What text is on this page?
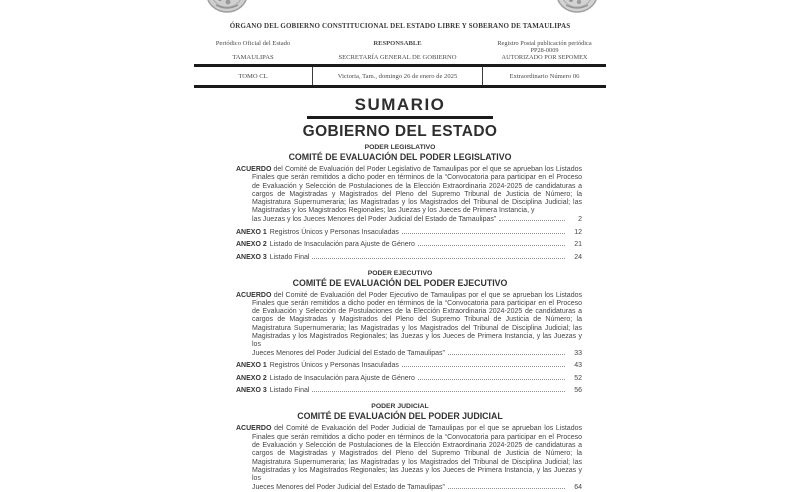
ÓRGANO DEL GOBIERNO CONSTITUCIONAL DEL ESTADO LIBRE Y SOBERANO DE TAMAULIPAS
Periódico Oficial del Estado
TAMAULIPAS
RESPONSABLE
SECRETARÍA GENERAL DE GOBIERNO
Registro Postal publicación periódica
PP28-0009
AUTORIZADO POR SEPOMEX
TOMO CL	Victoria, Tam., domingo 26 de enero de 2025	Extraordinario Número 06
SUMARIO
GOBIERNO DEL ESTADO
PODER LEGISLATIVO
COMITÉ DE EVALUACIÓN DEL PODER LEGISLATIVO
ACUERDO del Comité de Evaluación del Poder Legislativo de Tamaulipas por el que se aprueban los Listados Finales que serán remitidos a dicho poder en términos de la “Convocatoria para participar en el Proceso de Evaluación y Selección de Postulaciones de la Elección Extraordinaria 2024-2025 de candidaturas a cargos de Magistradas y Magistrados del Pleno del Supremo Tribunal de Justicia de Número; la Magistratura Supernumeraria; las Magistradas y los Magistrados del Tribunal de Disciplina Judicial; las Magistradas y los Magistrados Regionales; las Juezas y los Jueces de Primera Instancia, y
las Juezas y los Jueces Menores del Poder Judicial del Estado de Tamaulipas”	2
ANEXO 1 Registros Únicos y Personas Insaculadas	12
ANEXO 2 Listado de Insaculación para Ajuste de Género	21
ANEXO 3 Listado Final	24
PODER EJECUTIVO
COMITÉ DE EVALUACIÓN DEL PODER EJECUTIVO
ACUERDO del Comité de Evaluación del Poder Ejecutivo de Tamaulipas por el que se aprueban los Listados Finales que serán remitidos a dicho poder en términos de la “Convocatoria para participar en el Proceso de Evaluación y Selección de Postulaciones de la Elección Extraordinaria 2024-2025 de candidaturas a cargos de Magistradas y Magistrados del Pleno del Supremo Tribunal de Justicia de Número; la Magistratura Supernumeraria; las Magistradas y los Magistrados del Tribunal de Disciplina Judicial; las Magistradas y los Magistrados Regionales; las Juezas y los Jueces de Primera Instancia, y las Juezas y los
Jueces Menores del Poder Judicial del Estado de Tamaulipas”	33
ANEXO 1 Registros Únicos y Personas Insaculadas	43
ANEXO 2 Listado de Insaculación para Ajuste de Género	52
ANEXO 3 Listado Final	56
PODER JUDICIAL
COMITÉ DE EVALUACIÓN DEL PODER JUDICIAL
ACUERDO del Comité de Evaluación del Poder Judicial de Tamaulipas por el que se aprueban los Listados Finales que serán remitidos a dicho poder en términos de la “Convocatoria para participar en el Proceso de Evaluación y Selección de Postulaciones de la Elección Extraordinaria 2024-2025 de candidaturas a cargos de Magistradas y Magistrados del Pleno del Supremo Tribunal de Justicia de Número; la Magistratura Supernumeraria; las Magistradas y los Magistrados del Tribunal de Disciplina Judicial; las Magistradas y los Magistrados Regionales; las Juezas y los Jueces de Primera Instancia, y las Juezas y los
Jueces Menores del Poder Judicial del Estado de Tamaulipas”	64
